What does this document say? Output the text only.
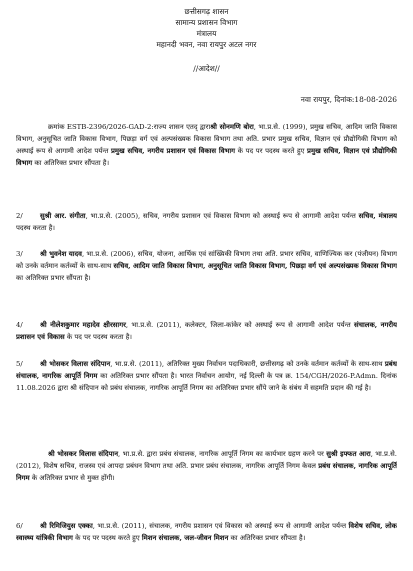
छत्तीसगढ़ शासन
सामान्य प्रशासन विभाग
मंत्रालय
महानदी भवन, नवा रायपुर अटल नगर
//आदेश//
नवा रायपुर, दिनांक:18-08-2026
क्रमांक ESTB-2396/2026-GAD-2:राज्य शासन एतद् द्वाराश्री सोनमणि बोरा, भा.प्र.से. (1999), प्रमुख सचिव, आदिम जाति विकास विभाग, अनुसूचित जाति विकास विभाग, पिछड़ा वर्ग एवं अल्पसंख्यक विकास विभाग तथा अति. प्रभार प्रमुख सचिव, विज्ञान एवं प्रौद्योगिकी विभाग को अस्थाई रूप से आगामी आदेश पर्यन्त प्रमुख सचिव, नगरीय प्रशासन एवं विकास विभाग के पद पर पदस्थ करते हुए प्रमुख सचिव, विज्ञान एवं प्रौद्योगिकी विभाग का अतिरिक्त प्रभार सौंपता है।
2/	सुश्री आर. संगीता, भा.प्र.से. (2005), सचिव, नगरीय प्रशासन एवं विकास विभाग को अस्थाई रूप से आगामी आदेश पर्यन्त सचिव, मंत्रालय पदस्थ करता है।
3/	श्री भुवनेश यादव, भा.प्र.से. (2006), सचिव, योजना, आर्थिक एवं सांख्यिकी विभाग तथा अति. प्रभार सचिव, वाणिज्यिक कर (पंजीयन) विभाग को उनके वर्तमान कर्तव्यों के साथ-साथ सचिव, आदिम जाति विकास विभाग, अनुसूचित जाति विकास विभाग, पिछड़ा वर्ग एवं अल्पसंख्यक विकास विभाग का अतिरिक्त प्रभार सौंपता है।
4/	श्री नीलेशकुमार महादेव क्षीरसागर, भा.प्र.से. (2011), कलेक्टर, जिला-कांकेर को अस्थाई रूप से आगामी आदेश पर्यन्त संचालक, नगरीय प्रशासन एवं विकास के पद पर पदस्थ करता है।
5/	श्री भोसकर विलास संदिपान, भा.प्र.से. (2011), अतिरिक्त मुख्य निर्वाचन पदाधिकारी, छत्तीसगढ़ को उनके वर्तमान कर्तव्यों के साथ-साथ प्रबंध संचालक, नागरिक आपूर्ति निगम का अतिरिक्त प्रभार सौंपता है। भारत निर्वाचन आयोग, नई दिल्ली के पत्र क्र. 154/CGH/2026-P.Admn. दिनांक 11.08.2026 द्वारा श्री संदिपान को प्रबंध संचालक, नागरिक आपूर्ति निगम का अतिरिक्त प्रभार सौंपे जाने के संबंध में सहमति प्रदान की गई है।
श्री भोसकर विलास संदिपान, भा.प्र.से. द्वारा प्रबंध संचालक, नागरिक आपूर्ति निगम का कार्यभार ग्रहण करने पर सुश्री इफ्फत आरा, भा.प्र.से. (2012), विशेष सचिव, राजस्व एवं आपदा प्रबंधन विभाग तथा अति. प्रभार प्रबंध संचालक, नागरिक आपूर्ति निगम केवल प्रबंध संचालक, नागरिक आपूर्ति निगम के अतिरिक्त प्रभार से मुक्त होंगी।
6/	श्री रिमिजियुस एक्का, भा.प्र.से. (2011), संचालक, नगरीय प्रशासन एवं विकास को अस्थाई रूप से आगामी आदेश पर्यन्त विशेष सचिव, लोक स्वास्थ्य यांत्रिकी विभाग के पद पर पदस्थ करते हुए मिशन संचालक, जल-जीवन मिशन का अतिरिक्त प्रभार सौंपता है।
